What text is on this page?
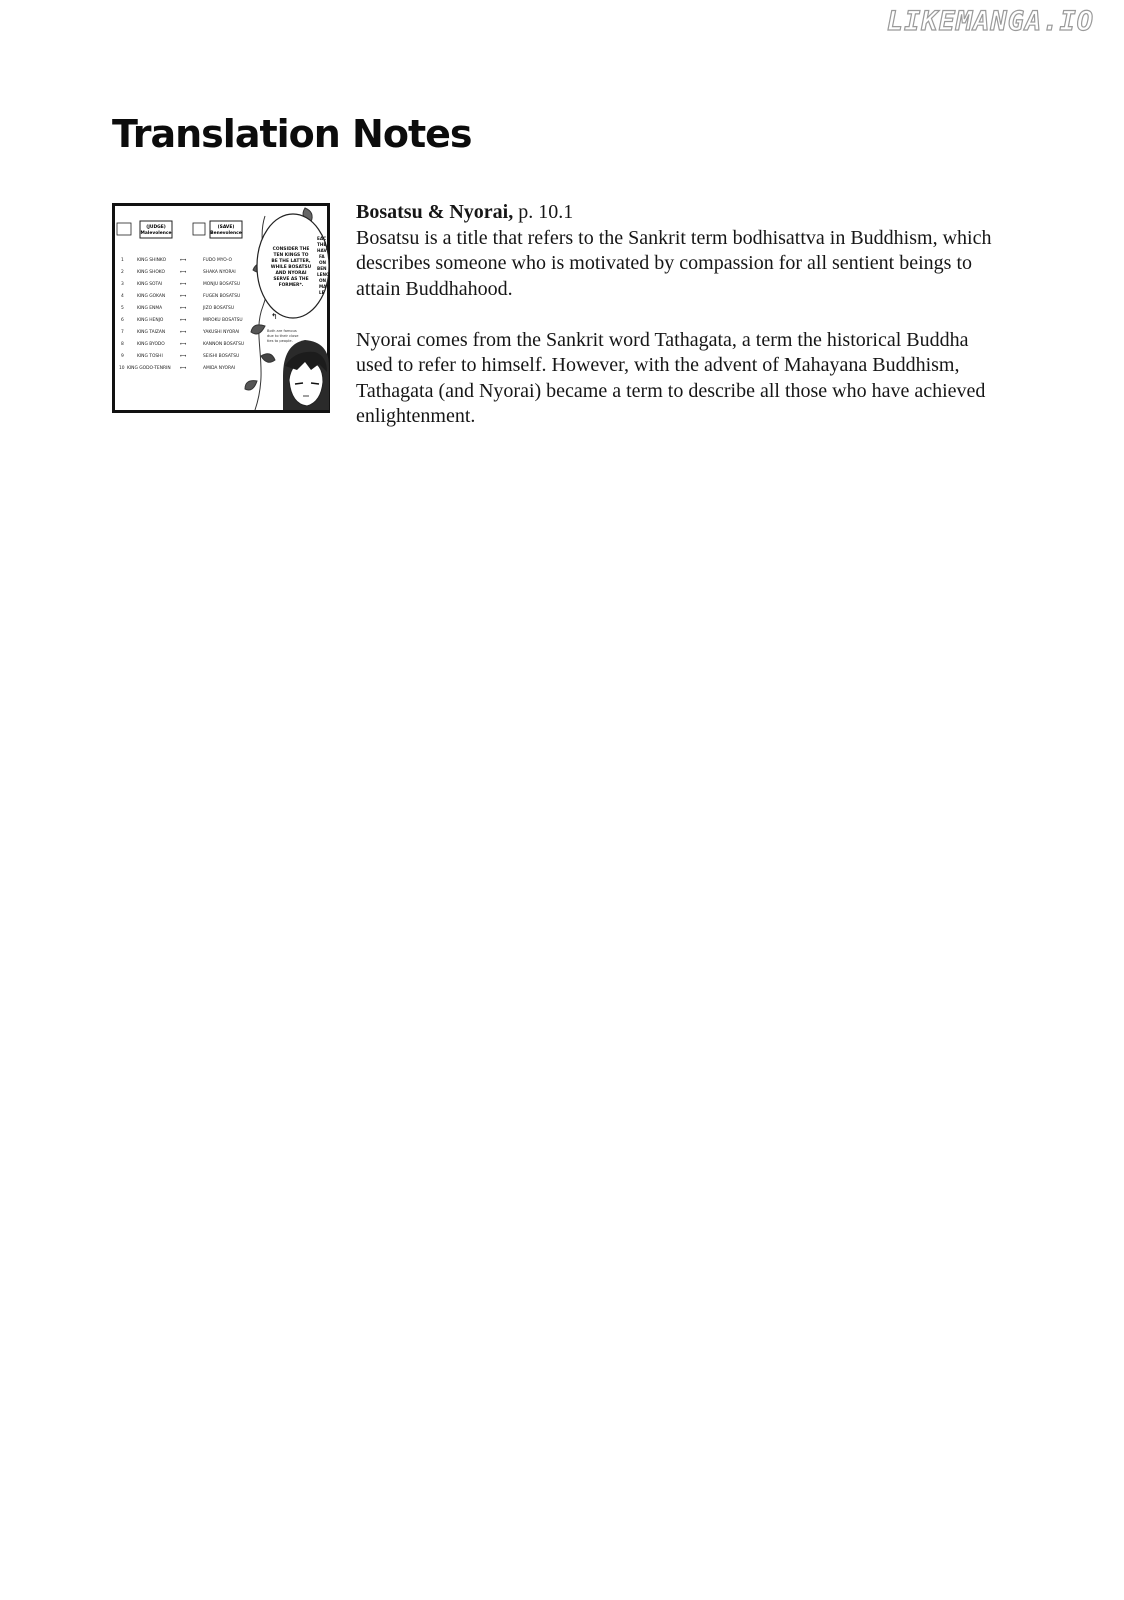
LIKEMANGA.IO
Translation Notes
(JUDGE)
Malevolence
(SAVE)
Benevolence
1	KING SHINKO	⟷	FUDO MYO-O
2	KING SHOKO	⟷	SHAKA NYORAI
3	KING SOTAI	⟷	MONJU BOSATSU
4	KING GOKAN	⟷	FUGEN BOSATSU
5	KING ENMA	⟷	JIZO BOSATSU
6	KING HENJO	⟷	MIROKU BOSATSU
7	KING TAIZAN	⟷	YAKUSHI NYORAI
8	KING BYODO	⟷	KANNON BOSATSU
9	KING TOSHI	⟷	SEISHI BOSATSU
10 KING GODO-TENRIN ⟷	AMIDA NYORAI
CONSIDER THE
TEN KINGS TO
BE THE LATTER,
WHILE BOSATSU
AND NYORAI
SERVE AS THE
FORMER*.
EAC
THE
HAV
FA
ON
BEN
LENC
ON
MA
LE
↰
Both are famous
due to their close
ties to people.
Bosatsu & Nyorai, p. 10.1

Bosatsu is a title that refers to the Sankrit term bodhisattva in Buddhism, which describes someone who is motivated by compassion for all sentient beings to attain Buddhahood.

Nyorai comes from the Sankrit word Tathagata, a term the historical Buddha used to refer to himself. However, with the advent of Mahayana Buddhism, Tathagata (and Nyorai) became a term to describe all those who have achieved enlightenment.
